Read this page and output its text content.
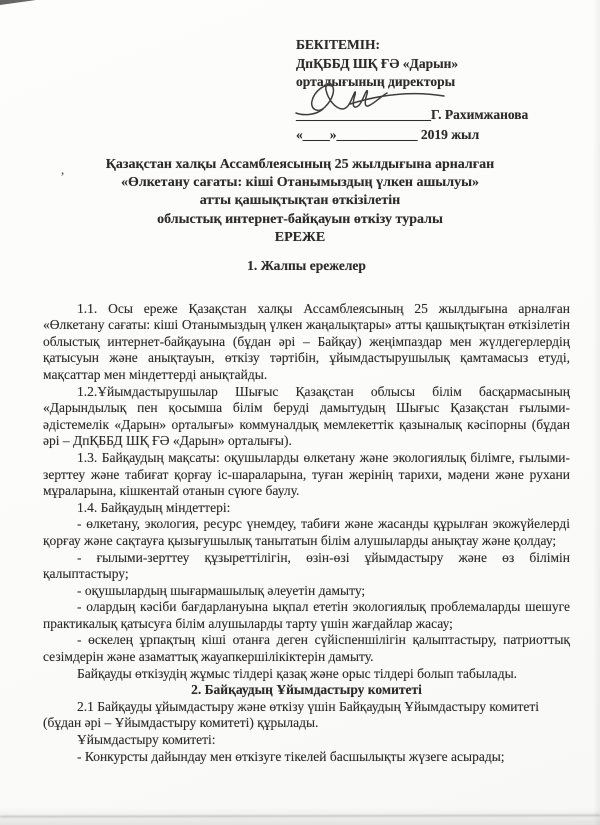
,
БЕКІТЕМІН:
ДпҚББД ШҚ ҒӘ «Дарын»
орталығының директоры
____________________Г. Рахимжанова
«____»____________ 2019 жыл
Қазақстан халқы Ассамблеясының 25 жылдығына арналған
«Өлкетану сағаты: кіші Отанымыздың үлкен ашылуы»
атты қашықтықтан өткізілетін
облыстық интернет-байқауын өткізу туралы
ЕРЕЖЕ
1. Жалпы ережелер

1.1. Осы ереже Қазақстан халқы Ассамблеясының 25 жылдығына арналған «Өлкетану сағаты: кіші Отанымыздың үлкен жаңалықтары» атты қашықтықтан өткізілетін облыстық интернет-байқауына (бұдан әрі – Байқау) жеңімпаздар мен жүлдегерлердің қатысуын және анықтауын, өткізу тәртібін, ұйымдастырушылық қамтамасыз етуді, мақсаттар мен міндеттерді анықтайды.

1.2.Ұйымдастырушылар Шығыс Қазақстан облысы білім басқармасының «Дарындылық пен қосымша білім беруді дамытудың Шығыс Қазақстан ғылыми-әдістемелік «Дарын» орталығы» коммуналдық мемлекеттік қазыналық кәсіпорны (бұдан әрі – ДпҚББД ШҚ ҒӘ «Дарын» орталығы).

1.3. Байқаудың мақсаты: оқушыларды өлкетану және экологиялық білімге, ғылыми-зерттеу және табиғат қорғау іс-шараларына, туған жерінің тарихи, мәдени және рухани мұраларына, кішкентай отанын сүюге баулу.

1.4. Байқаудың міндеттері:

- өлкетану, экология, ресурс үнемдеу, табиғи және жасанды құрылған экожүйелерді қорғау және сақтауға қызығушылық танытатын білім алушыларды анықтау және қолдау;

- ғылыми-зерттеу құзыреттілігін, өзін-өзі ұйымдастыру және өз білімін қалыптастыру;

- оқушылардың шығармашылық әлеуетін дамыту;

- олардың кәсіби бағдарлануына ықпал ететін экологиялық проблемаларды шешуге практикалық қатысуға білім алушыларды тарту үшін жағдайлар жасау;

- өскелең ұрпақтың кіші отанға деген сүйіспеншілігін қалыптастыру, патриоттық сезімдерін және азаматтық жауапкершілікіктерін дамыту.

Байқауды өткізудің жұмыс тілдері қазақ және орыс тілдері болып табылады.

2. Байқаудың Ұйымдастыру комитеті

2.1 Байқауды ұйымдастыру және өткізу үшін Байқаудың Ұйымдастыру комитеті (бұдан әрі – Ұйымдастыру комитеті) құрылады.

Ұйымдастыру комитеті:

- Конкурсты дайындау мен өткізуге тікелей басшылықты жүзеге асырады;
